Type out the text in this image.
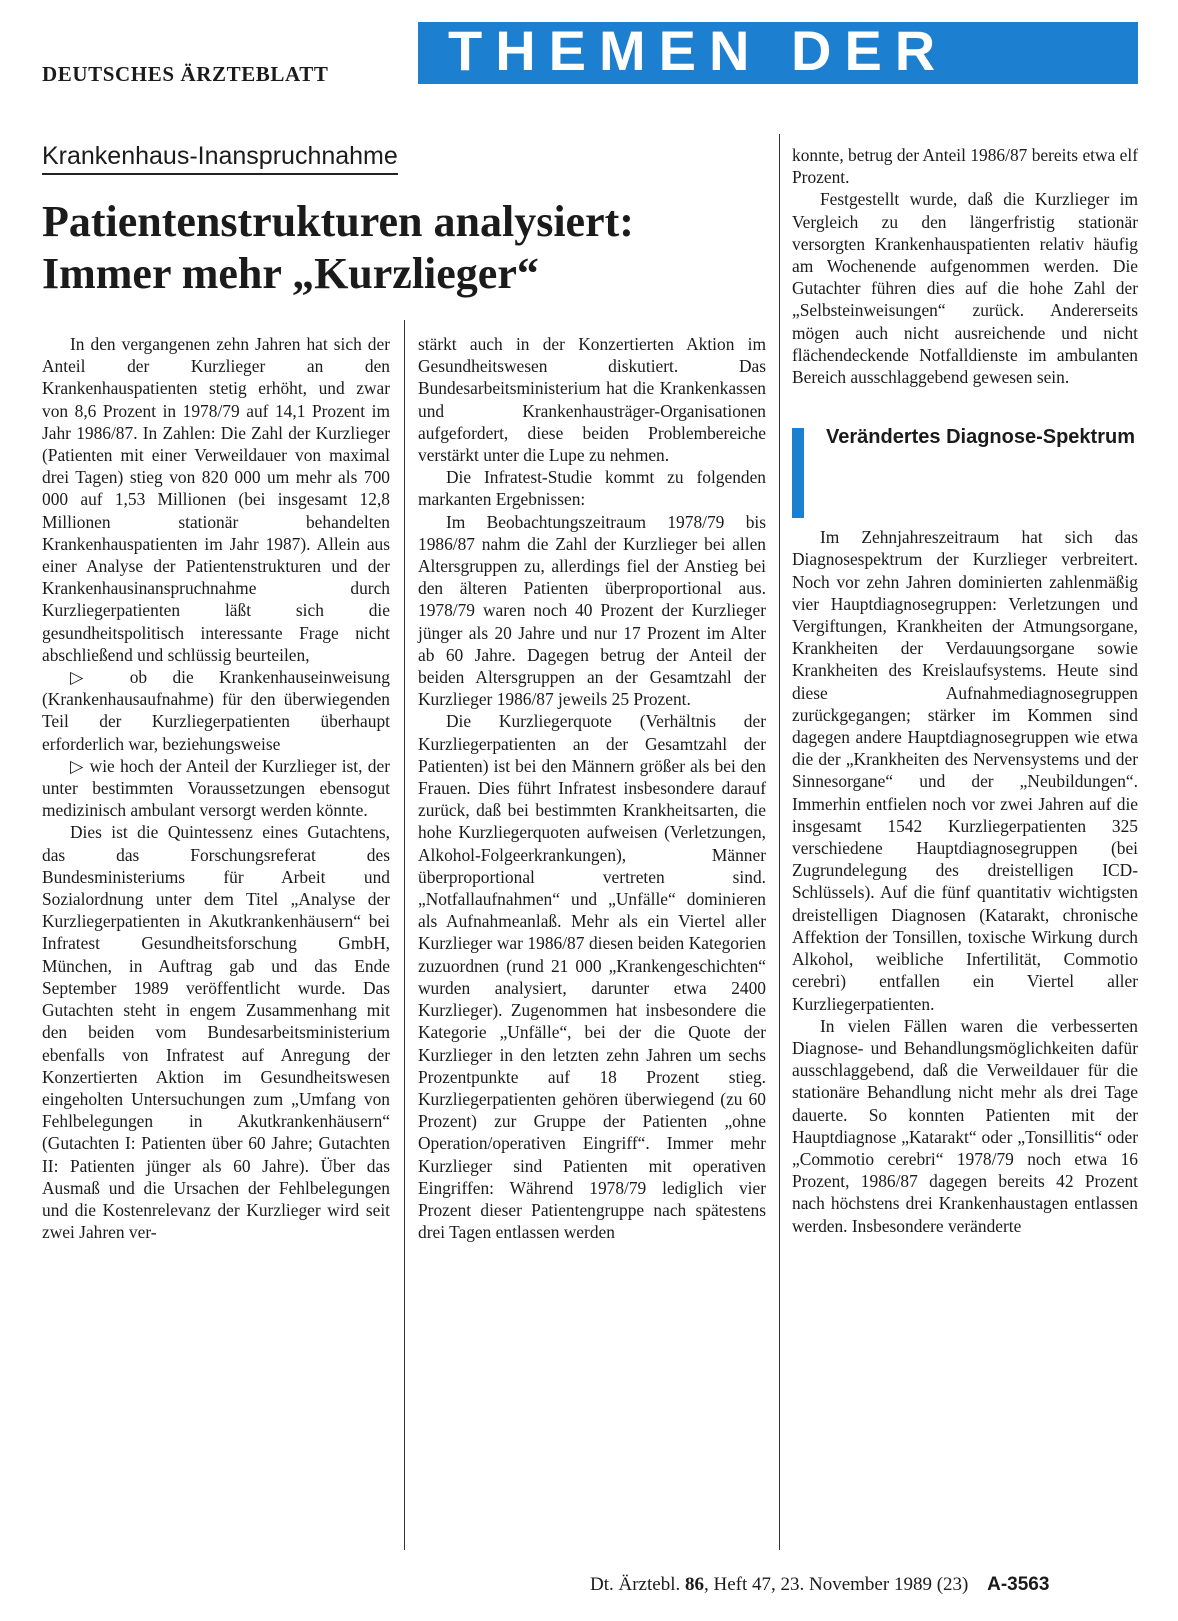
DEUTSCHES ÄRZTEBLATT THEMEN DER ZEIT
Krankenhaus-Inanspruchnahme
Patientenstrukturen analysiert:
Immer mehr „Kurzlieger“

In den vergangenen zehn Jahren hat sich der Anteil der Kurzlieger an den Krankenhauspatienten stetig erhöht, und zwar von 8,6 Prozent in 1978/79 auf 14,1 Prozent im Jahr 1986/87. In Zahlen: Die Zahl der Kurzlieger (Patienten mit einer Verweildauer von maximal drei Tagen) stieg von 820 000 um mehr als 700 000 auf 1,53 Millionen (bei insgesamt 12,8 Millionen stationär behandelten Krankenhauspatienten im Jahr 1987). Allein aus einer Analyse der Patientenstrukturen und der Krankenhausinanspruchnahme durch Kurzliegerpatienten läßt sich die gesundheitspolitisch interessante Frage nicht abschließend und schlüssig beurteilen,

▷ ob die Krankenhauseinweisung (Krankenhausaufnahme) für den überwiegenden Teil der Kurzliegerpatienten überhaupt erforderlich war, beziehungsweise

▷ wie hoch der Anteil der Kurzlieger ist, der unter bestimmten Voraussetzungen ebensogut medizinisch ambulant versorgt werden könnte.

Dies ist die Quintessenz eines Gutachtens, das das Forschungsreferat des Bundesministeriums für Arbeit und Sozialordnung unter dem Titel „Analyse der Kurzliegerpatienten in Akutkrankenhäusern“ bei Infratest Gesundheitsforschung GmbH, München, in Auftrag gab und das Ende September 1989 veröffentlicht wurde. Das Gutachten steht in engem Zusammenhang mit den beiden vom Bundesarbeitsministerium ebenfalls von Infratest auf Anregung der Konzertierten Aktion im Gesundheitswesen eingeholten Untersuchungen zum „Umfang von Fehlbelegungen in Akutkrankenhäusern“ (Gutachten I: Patienten über 60 Jahre; Gutachten II: Patienten jünger als 60 Jahre). Über das Ausmaß und die Ursachen der Fehlbelegungen und die Kostenrelevanz der Kurzlieger wird seit zwei Jahren ver-

stärkt auch in der Konzertierten Aktion im Gesundheitswesen diskutiert. Das Bundesarbeitsministerium hat die Krankenkassen und Krankenhausträger-Organisationen aufgefordert, diese beiden Problembereiche verstärkt unter die Lupe zu nehmen.

Die Infratest-Studie kommt zu folgenden markanten Ergebnissen:

Im Beobachtungszeitraum 1978/79 bis 1986/87 nahm die Zahl der Kurzlieger bei allen Altersgruppen zu, allerdings fiel der Anstieg bei den älteren Patienten überproportional aus. 1978/79 waren noch 40 Prozent der Kurzlieger jünger als 20 Jahre und nur 17 Prozent im Alter ab 60 Jahre. Dagegen betrug der Anteil der beiden Altersgruppen an der Gesamtzahl der Kurzlieger 1986/87 jeweils 25 Prozent.

Die Kurzliegerquote (Verhältnis der Kurzliegerpatienten an der Gesamtzahl der Patienten) ist bei den Männern größer als bei den Frauen. Dies führt Infratest insbesondere darauf zurück, daß bei bestimmten Krankheitsarten, die hohe Kurzliegerquoten aufweisen (Verletzungen, Alkohol-Folgeerkrankungen), Männer überproportional vertreten sind. „Notfallaufnahmen“ und „Unfälle“ dominieren als Aufnahmeanlaß. Mehr als ein Viertel aller Kurzlieger war 1986/87 diesen beiden Kategorien zuzuordnen (rund 21 000 „Krankengeschichten“ wurden analysiert, darunter etwa 2400 Kurzlieger). Zugenommen hat insbesondere die Kategorie „Unfälle“, bei der die Quote der Kurzlieger in den letzten zehn Jahren um sechs Prozentpunkte auf 18 Prozent stieg. Kurzliegerpatienten gehören überwiegend (zu 60 Prozent) zur Gruppe der Patienten „ohne Operation/operativen Eingriff“. Immer mehr Kurzlieger sind Patienten mit operativen Eingriffen: Während 1978/79 lediglich vier Prozent dieser Patientengruppe nach spätestens drei Tagen entlassen werden

konnte, betrug der Anteil 1986/87 bereits etwa elf Prozent.

Festgestellt wurde, daß die Kurzlieger im Vergleich zu den längerfristig stationär versorgten Krankenhauspatienten relativ häufig am Wochenende aufgenommen werden. Die Gutachter führen dies auf die hohe Zahl der „Selbsteinweisungen“ zurück. Andererseits mögen auch nicht ausreichende und nicht flächendeckende Notfalldienste im ambulanten Bereich ausschlaggebend gewesen sein.

Verändertes Diagnose-Spektrum

Im Zehnjahreszeitraum hat sich das Diagnosespektrum der Kurzlieger verbreitert. Noch vor zehn Jahren dominierten zahlenmäßig vier Hauptdiagnosegruppen: Verletzungen und Vergiftungen, Krankheiten der Atmungsorgane, Krankheiten der Verdauungsorgane sowie Krankheiten des Kreislaufsystems. Heute sind diese Aufnahmediagnosegruppen zurückgegangen; stärker im Kommen sind dagegen andere Hauptdiagnosegruppen wie etwa die der „Krankheiten des Nervensystems und der Sinnesorgane“ und der „Neubildungen“. Immerhin entfielen noch vor zwei Jahren auf die insgesamt 1542 Kurzliegerpatienten 325 verschiedene Hauptdiagnosegruppen (bei Zugrundelegung des dreistelligen ICD-Schlüssels). Auf die fünf quantitativ wichtigsten dreistelligen Diagnosen (Katarakt, chronische Affektion der Tonsillen, toxische Wirkung durch Alkohol, weibliche Infertilität, Commotio cerebri) entfallen ein Viertel aller Kurzliegerpatienten.

In vielen Fällen waren die verbesserten Diagnose- und Behandlungsmöglichkeiten dafür ausschlaggebend, daß die Verweildauer für die stationäre Behandlung nicht mehr als drei Tage dauerte. So konnten Patienten mit der Hauptdiagnose „Katarakt“ oder „Tonsillitis“ oder „Commotio cerebri“ 1978/79 noch etwa 16 Prozent, 1986/87 dagegen bereits 42 Prozent nach höchstens drei Krankenhaustagen entlassen werden. Insbesondere veränderte

Dt. Ärztebl. 86, Heft 47, 23. November 1989 (23) A-3563
